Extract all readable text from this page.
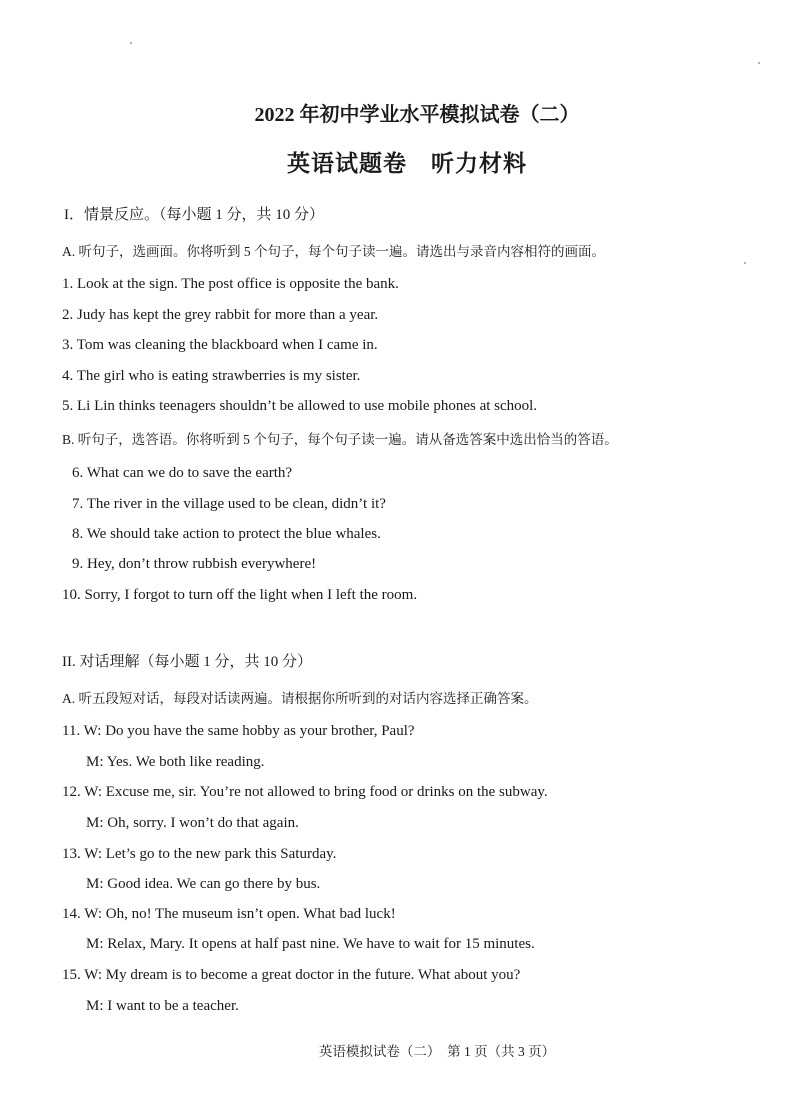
2022 年初中学业水平模拟试卷（二）
英语试题卷　听力材料
I．情景反应。（每小题 1 分，共 10 分）
A. 听句子，选画面。你将听到 5 个句子，每个句子读一遍。请选出与录音内容相符的画面。
1. Look at the sign. The post office is opposite the bank.
2. Judy has kept the grey rabbit for more than a year.
3. Tom was cleaning the blackboard when I came in.
4. The girl who is eating strawberries is my sister.
5. Li Lin thinks teenagers shouldn’t be allowed to use mobile phones at school.
B. 听句子，选答语。你将听到 5 个句子，每个句子读一遍。请从备选答案中选出恰当的答语。
6. What can we do to save the earth?
7. The river in the village used to be clean, didn’t it?
8. We should take action to protect the blue whales.
9. Hey, don’t throw rubbish everywhere!
10. Sorry, I forgot to turn off the light when I left the room.
II. 对话理解（每小题 1 分，共 10 分）
A. 听五段短对话，每段对话读两遍。请根据你所听到的对话内容选择正确答案。
11. W: Do you have the same hobby as your brother, Paul?
M: Yes. We both like reading.
12. W: Excuse me, sir. You’re not allowed to bring food or drinks on the subway.
M: Oh, sorry. I won’t do that again.
13. W: Let’s go to the new park this Saturday.
M: Good idea. We can go there by bus.
14. W: Oh, no! The museum isn’t open. What bad luck!
M: Relax, Mary. It opens at half past nine. We have to wait for 15 minutes.
15. W: My dream is to become a great doctor in the future. What about you?
M: I want to be a teacher.
英语模拟试卷（二）　第 1 页（共 3 页）
